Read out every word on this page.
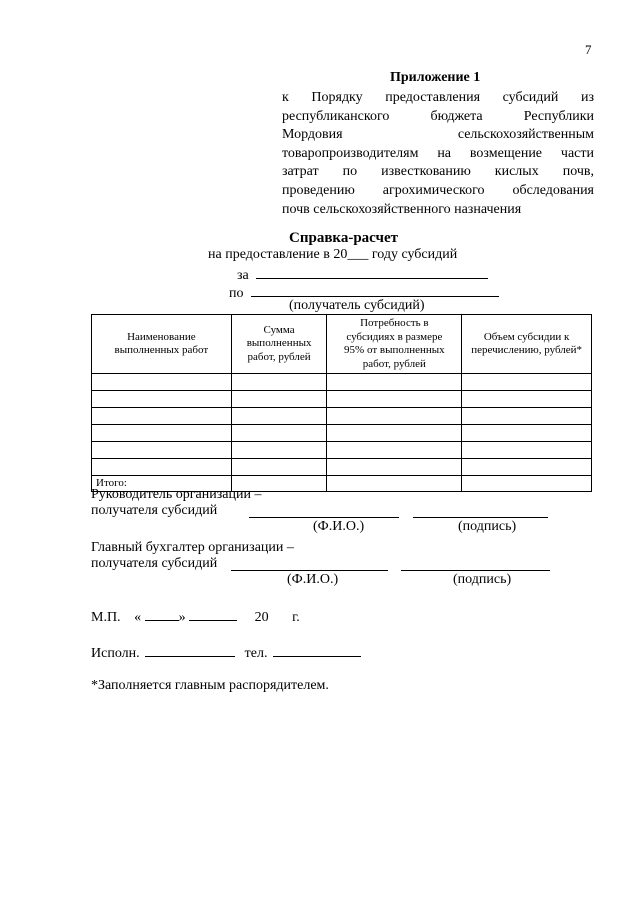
7
Приложение 1
к Порядку предоставления субсидий из
республиканского бюджета Республики
Мордовия сельскохозяйственным
товаропроизводителям на возмещение части
затрат по известкованию кислых почв,
проведению агрохимического обследования
почв сельскохозяйственного назначения
Справка-расчет
на предоставление в 20___ году субсидий
за
по
(получатель субсидий)
Наименование выполненных работ	Сумма выполненных работ, рублей	Потребность в субсидиях в размере 95% от выполненных работ, рублей	Объем субсидии к перечислению, рублей*

Итого:			
Руководитель организации –
получателя субсидий
(Ф.И.О.)	(подпись)
Главный бухгалтер организации –
получателя субсидий
(Ф.И.О.)	(подпись)
М.П. «	»	20 г.
Исполн.	тел.
*Заполняется главным распорядителем.
